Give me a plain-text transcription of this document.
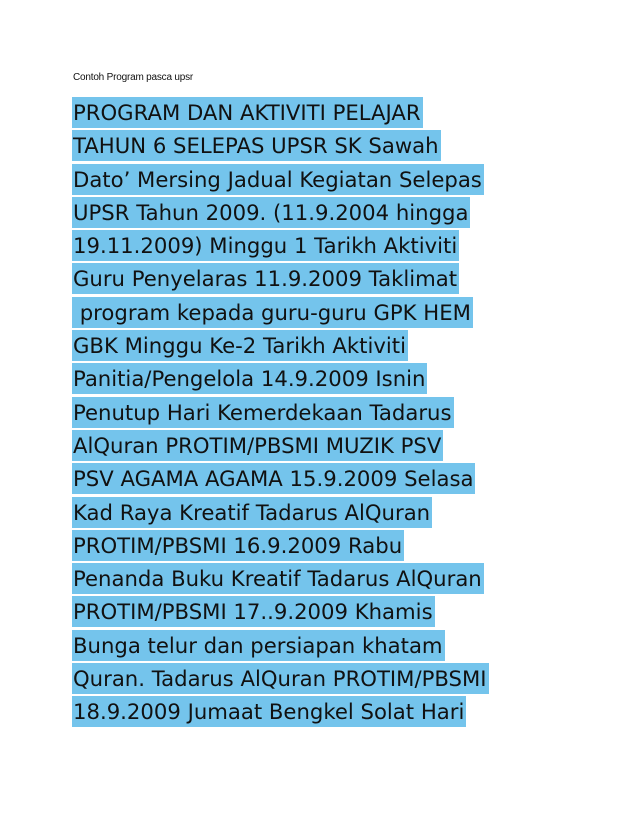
Contoh Program pasca upsr
PROGRAM DAN AKTIVITI PELAJAR
TAHUN 6 SELEPAS UPSR SK Sawah
Dato’ Mersing Jadual Kegiatan Selepas
UPSR Tahun 2009. (11.9.2004 hingga
19.11.2009) Minggu 1 Tarikh Aktiviti
Guru Penyelaras 11.9.2009 Taklimat
program kepada guru-guru GPK HEM
GBK Minggu Ke-2 Tarikh Aktiviti
Panitia/Pengelola 14.9.2009 Isnin
Penutup Hari Kemerdekaan Tadarus
AlQuran PROTIM/PBSMI MUZIK PSV
PSV AGAMA AGAMA 15.9.2009 Selasa
Kad Raya Kreatif Tadarus AlQuran
PROTIM/PBSMI 16.9.2009 Rabu
Penanda Buku Kreatif Tadarus AlQuran
PROTIM/PBSMI 17..9.2009 Khamis
Bunga telur dan persiapan khatam
Quran. Tadarus AlQuran PROTIM/PBSMI
18.9.2009 Jumaat Bengkel Solat Hari
